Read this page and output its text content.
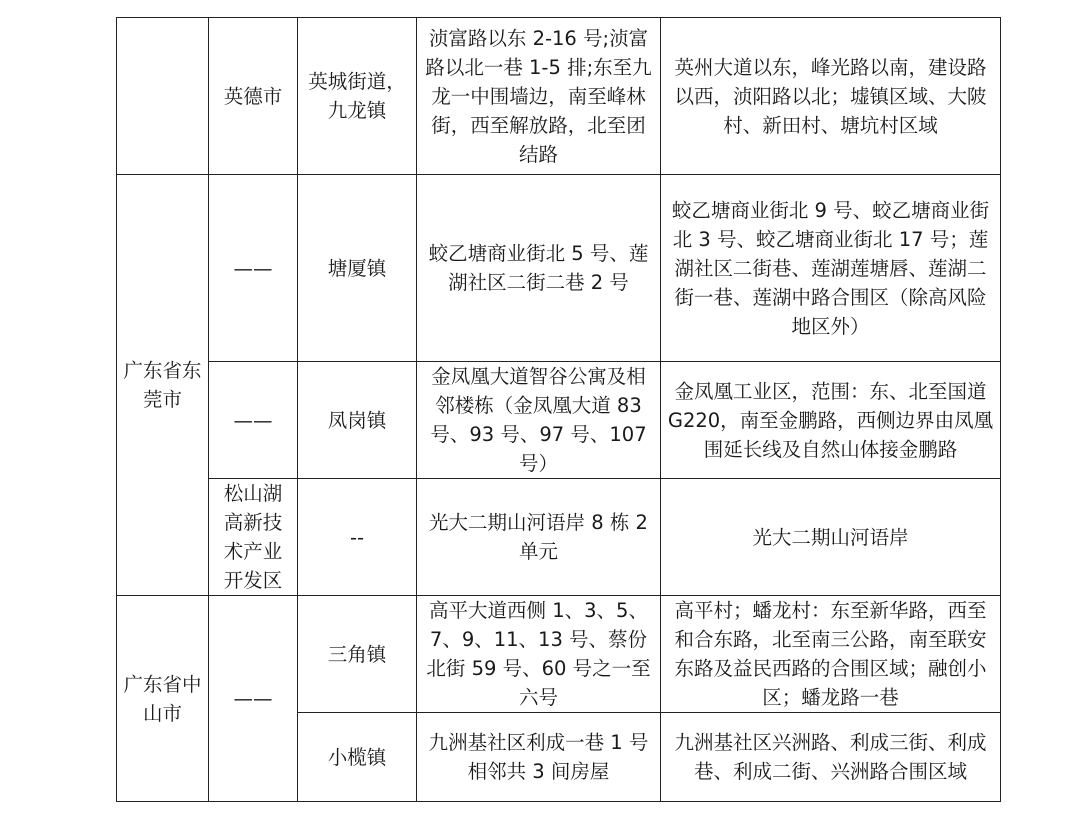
	英德市	英城街道，九龙镇	浈富路以东 2-16 号;浈富路以北一巷 1-5 排;东至九龙一中围墙边，南至峰林街，西至解放路，北至团结路	英州大道以东，峰光路以南，建设路以西，浈阳路以北；墟镇区域、大陂村、新田村、塘坑村区域
广东省东莞市	——	塘厦镇	蛟乙塘商业街北 5 号、莲湖社区二街二巷 2 号	蛟乙塘商业街北 9 号、蛟乙塘商业街北 3 号、蛟乙塘商业街北 17 号；莲湖社区二街巷、莲湖莲塘唇、莲湖二街一巷、莲湖中路合围区（除高风险地区外）
	——	凤岗镇	金凤凰大道智谷公寓及相邻楼栋（金凤凰大道 83 号、93 号、97 号、107 号）	金凤凰工业区，范围：东、北至国道 G220，南至金鹏路，西侧边界由凤凰围延长线及自然山体接金鹏路
	松山湖高新技术产业开发区	--	光大二期山河语岸 8 栋 2 单元	光大二期山河语岸
广东省中山市	——	三角镇	高平大道西侧 1、3、5、7、9、11、13 号、蔡份北街 59 号、60 号之一至六号	高平村；蟠龙村：东至新华路，西至和合东路，北至南三公路，南至联安东路及益民西路的合围区域；融创小区；蟠龙路一巷
		小榄镇	九洲基社区利成一巷 1 号相邻共 3 间房屋	九洲基社区兴洲路、利成三街、利成巷、利成二街、兴洲路合围区域
